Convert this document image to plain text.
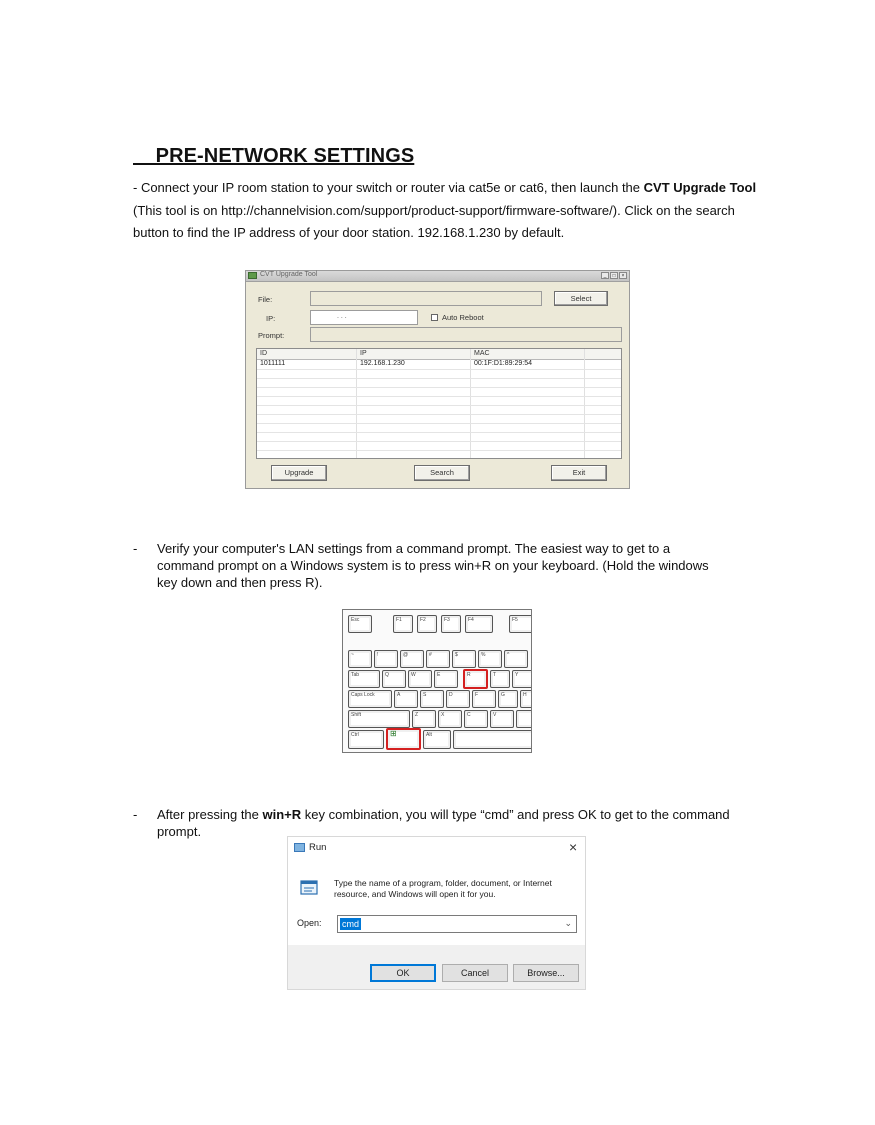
PRE-NETWORK SETTINGS
- Connect your IP room station to your switch or router via cat5e or cat6, then launch the CVT Upgrade Tool (This tool is on http://channelvision.com/support/product-support/firmware-software/). Click on the search button to find the IP address of your door station. 192.168.1.230 by default.
CVT Upgrade Tool	_	□	×
File:	Select
IP:	. . .	Auto Reboot
Prompt:
ID	IP	MAC
1011111	192.168.1.230	00:1F:D1:89:29:54
Upgrade	Search	Exit
- Verify your computer's LAN settings from a command prompt. The easiest way to get to a command prompt on a Windows system is to press win+R on your keyboard. (Hold the windows key down and then press R).
Esc	F1	F2	F3	F4	F5
~	!	@	#	$	%	^
Tab	Q	W	E	R	T	Y
Caps Lock	A	S	D	F	G	H
Shift	Z	X	C	V
Ctrl	⊞	Alt
- After pressing the win+R key combination, you will type “cmd” and press OK to get to the command prompt.
Run	×
Type the name of a program, folder, document, or Internet resource, and Windows will open it for you.
Open: cmd	⌄
OK	Cancel	Browse...
